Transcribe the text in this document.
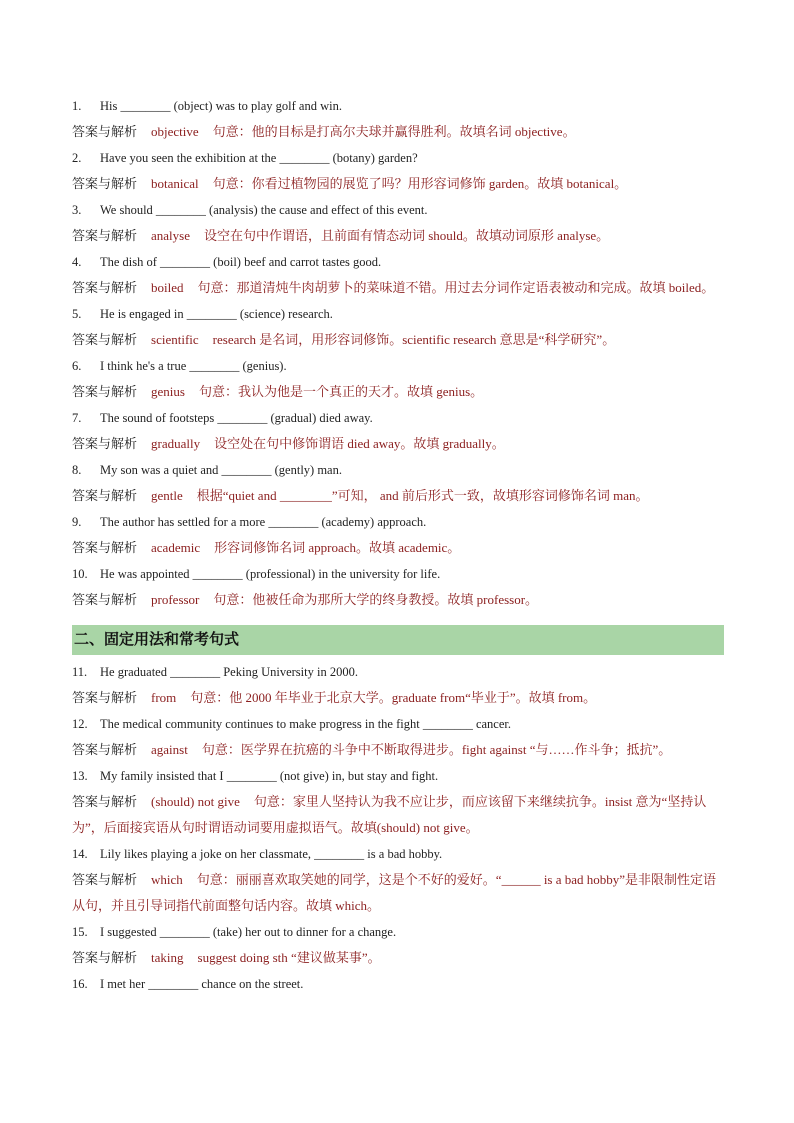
1. His ________ (object) was to play golf and win.
答案与解析 objective 句意：他的目标是打高尔夫球并赢得胜利。故填名词 objective。
2. Have you seen the exhibition at the ________ (botany) garden?
答案与解析 botanical 句意：你看过植物园的展览了吗？用形容词修饰 garden。故填 botanical。
3. We should ________ (analysis) the cause and effect of this event.
答案与解析 analyse 设空在句中作谓语，且前面有情态动词 should。故填动词原形 analyse。
4. The dish of ________ (boil) beef and carrot tastes good.
答案与解析 boiled 句意：那道清炖牛肉胡萝卜的菜味道不错。用过去分词作定语表被动和完成。故填 boiled。
5. He is engaged in ________ (science) research.
答案与解析 scientific research 是名词，用形容词修饰。scientific research 意思是“科学研究”。
6. I think he's a true ________ (genius).
答案与解析 genius 句意：我认为他是一个真正的天才。故填 genius。
7. The sound of footsteps ________ (gradual) died away.
答案与解析 gradually 设空处在句中修饰谓语 died away。故填 gradually。
8. My son was a quiet and ________ (gently) man.
答案与解析 gentle 根据“quiet and ________”可知， and 前后形式一致，故填形容词修饰名词 man。
9. The author has settled for a more ________ (academy) approach.
答案与解析 academic 形容词修饰名词 approach。故填 academic。
10. He was appointed ________ (professional) in the university for life.
答案与解析 professor 句意：他被任命为那所大学的终身教授。故填 professor。
二、固定用法和常考句式
11. He graduated ________ Peking University in 2000.
答案与解析 from 句意：他 2000 年毕业于北京大学。graduate from“毕业于”。故填 from。
12. The medical community continues to make progress in the fight ________ cancer.
答案与解析 against 句意：医学界在抗癌的斗争中不断取得进步。fight against “与……作斗争；抵抗”。
13. My family insisted that I ________ (not give) in, but stay and fight.
答案与解析 (should) not give 句意：家里人坚持认为我不应让步，而应该留下来继续抗争。insist 意为“坚持认为”，后面接宾语从句时谓语动词要用虚拟语气。故填(should) not give。
14. Lily likes playing a joke on her classmate, ________ is a bad hobby.
答案与解析 which 句意：丽丽喜欢取笑她的同学，这是个不好的爱好。“______ is a bad hobby”是非限制性定语从句，并且引导词指代前面整句话内容。故填 which。
15. I suggested ________ (take) her out to dinner for a change.
答案与解析 taking suggest doing sth “建议做某事”。
16. I met her ________ chance on the street.
